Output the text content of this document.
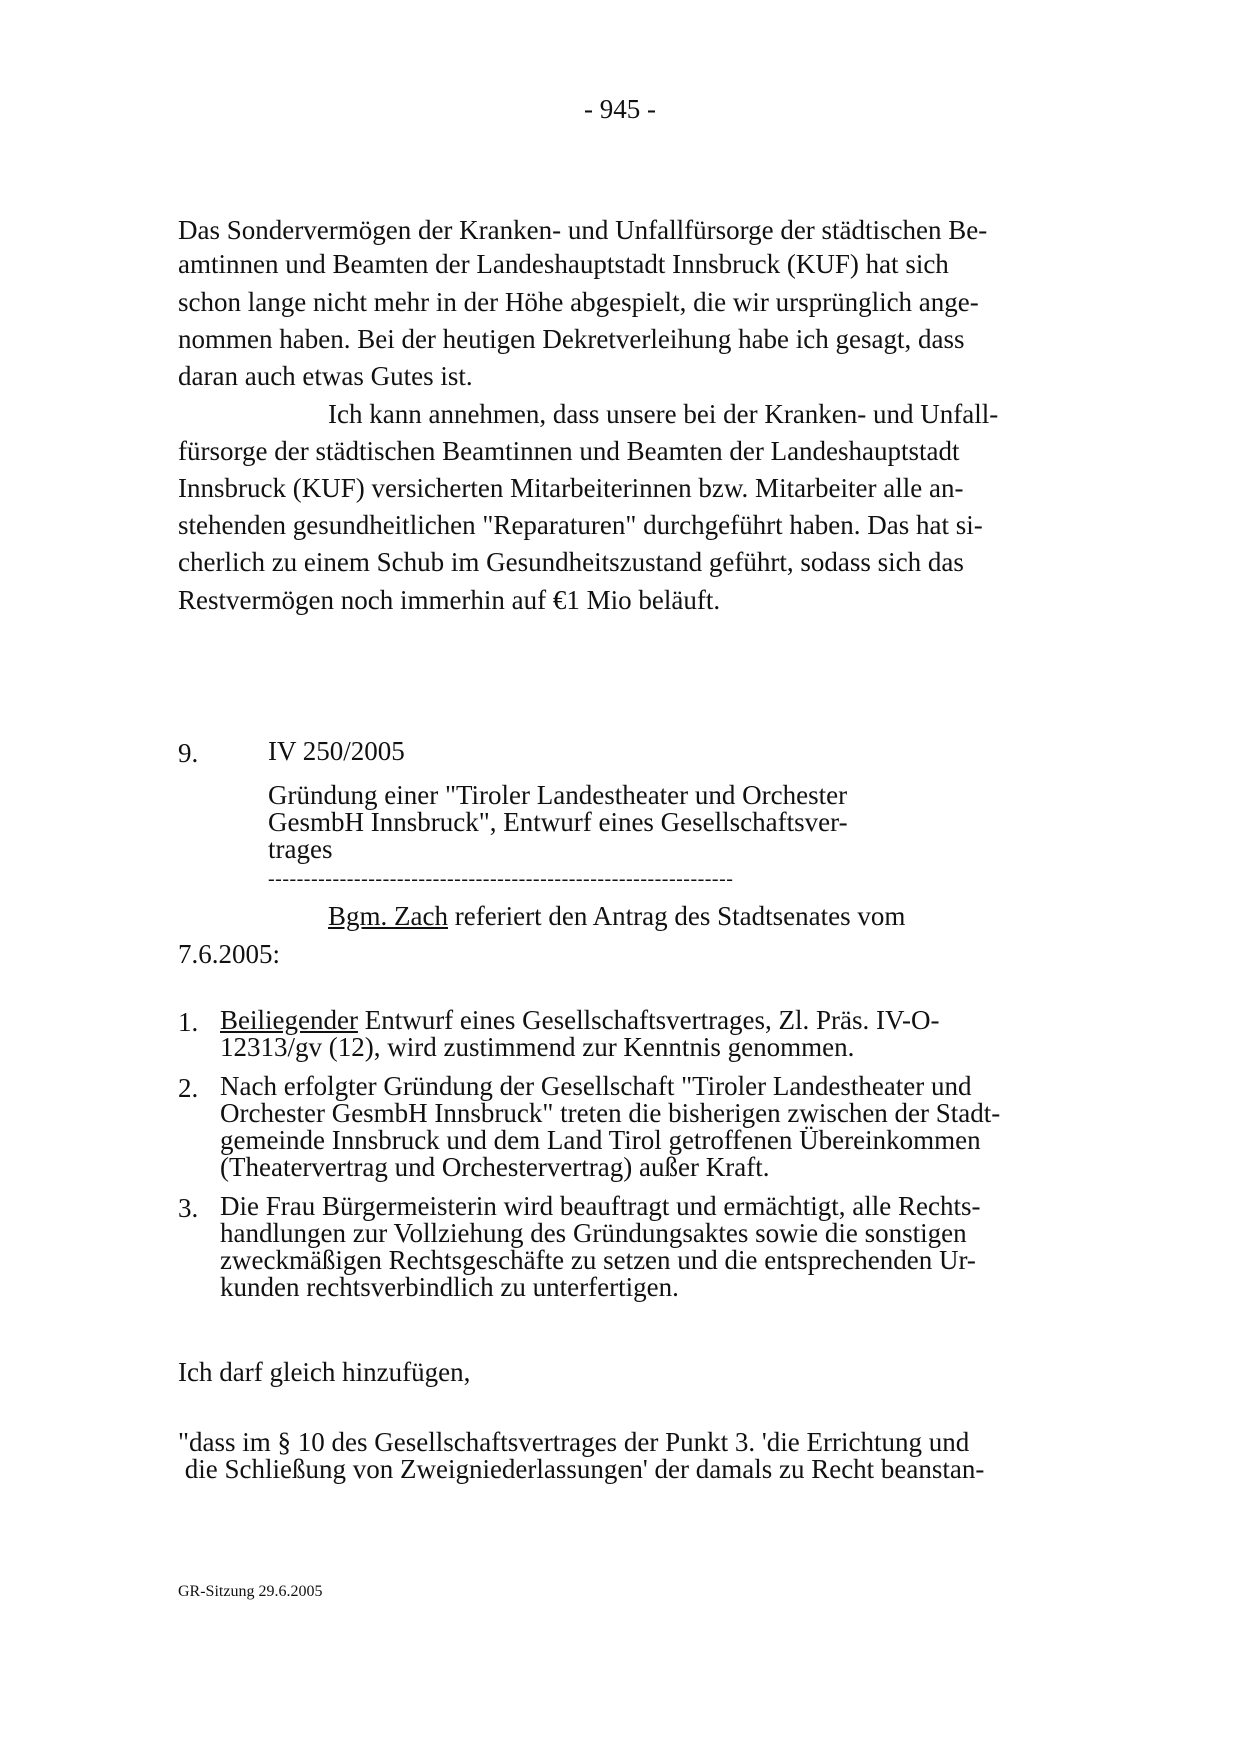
- 945 -
Das Sondervermögen der Kranken- und Unfallfürsorge der städtischen Be-
amtinnen und Beamten der Landeshauptstadt Innsbruck (KUF) hat sich
schon lange nicht mehr in der Höhe abgespielt, die wir ursprünglich ange-
nommen haben. Bei der heutigen Dekretverleihung habe ich gesagt, dass
daran auch etwas Gutes ist.
Ich kann annehmen, dass unsere bei der Kranken- und Unfall-
fürsorge der städtischen Beamtinnen und Beamten der Landeshauptstadt
Innsbruck (KUF) versicherten Mitarbeiterinnen bzw. Mitarbeiter alle an-
stehenden gesundheitlichen "Reparaturen" durchgeführt haben. Das hat si-
cherlich zu einem Schub im Gesundheitszustand geführt, sodass sich das
Restvermögen noch immerhin auf €1 Mio beläuft.
9.	IV 250/2005
Gründung einer "Tiroler Landestheater und Orchester
GesmbH Innsbruck", Entwurf eines Gesellschaftsver-
trages
-----------------------------------------------------------------
Bgm. Zach referiert den Antrag des Stadtsenates vom
7.6.2005:
1. Beiliegender Entwurf eines Gesellschaftsvertrages, Zl. Präs. IV-O-
12313/gv (12), wird zustimmend zur Kenntnis genommen.
2. Nach erfolgter Gründung der Gesellschaft "Tiroler Landestheater und
Orchester GesmbH Innsbruck" treten die bisherigen zwischen der Stadt-
gemeinde Innsbruck und dem Land Tirol getroffenen Übereinkommen
(Theatervertrag und Orchestervertrag) außer Kraft.
3. Die Frau Bürgermeisterin wird beauftragt und ermächtigt, alle Rechts-
handlungen zur Vollziehung des Gründungsaktes sowie die sonstigen
zweckmäßigen Rechtsgeschäfte zu setzen und die entsprechenden Ur-
kunden rechtsverbindlich zu unterfertigen.
Ich darf gleich hinzufügen,
"dass im § 10 des Gesellschaftsvertrages der Punkt 3. 'die Errichtung und
die Schließung von Zweigniederlassungen' der damals zu Recht beanstan-
GR-Sitzung 29.6.2005
